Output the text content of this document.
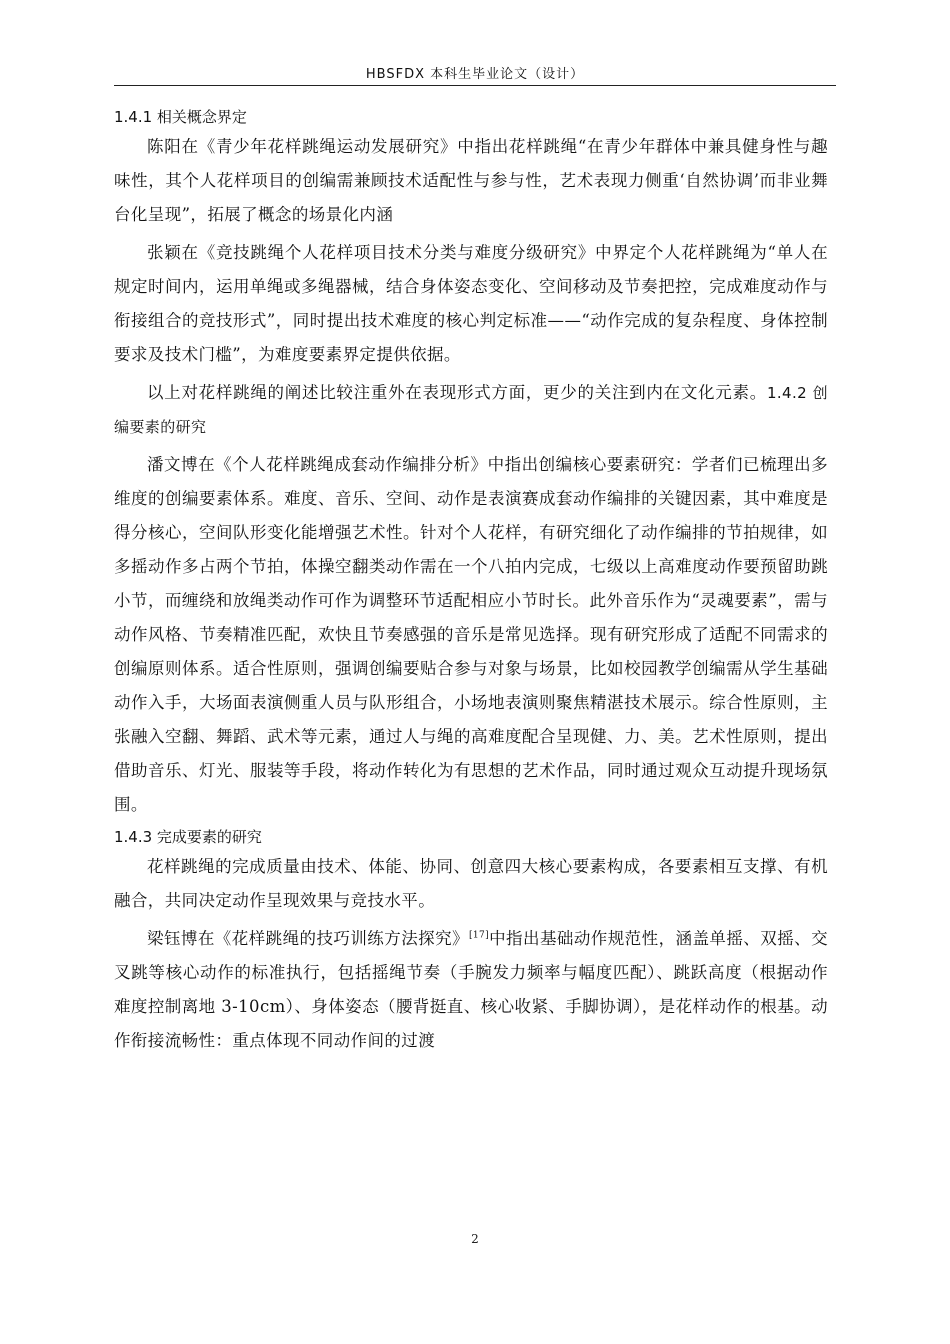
HBSFDX 本科生毕业论文（设计）
1.4.1 相关概念界定

陈阳在《青少年花样跳绳运动发展研究》中指出花样跳绳“在青少年群体中兼具健身性与趣味性，其个人花样项目的创编需兼顾技术适配性与参与性，艺术表现力侧重‘自然协调’而非业舞台化呈现”，拓展了概念的场景化内涵

张颖在《竞技跳绳个人花样项目技术分类与难度分级研究》中界定个人花样跳绳为“单人在规定时间内，运用单绳或多绳器械，结合身体姿态变化、空间移动及节奏把控，完成难度动作与衔接组合的竞技形式”，同时提出技术难度的核心判定标准——“动作完成的复杂程度、身体控制要求及技术门槛”，为难度要素界定提供依据。

以上对花样跳绳的阐述比较注重外在表现形式方面，更少的关注到内在文化元素。1.4.2 创编要素的研究

潘文博在《个人花样跳绳成套动作编排分析》中指出创编核心要素研究：学者们已梳理出多维度的创编要素体系。难度、音乐、空间、动作是表演赛成套动作编排的关键因素，其中难度是得分核心，空间队形变化能增强艺术性。针对个人花样，有研究细化了动作编排的节拍规律，如多摇动作多占两个节拍，体操空翻类动作需在一个八拍内完成，七级以上高难度动作要预留助跳小节，而缠绕和放绳类动作可作为调整环节适配相应小节时长。此外音乐作为“灵魂要素”，需与动作风格、节奏精准匹配，欢快且节奏感强的音乐是常见选择。现有研究形成了适配不同需求的创编原则体系。适合性原则，强调创编要贴合参与对象与场景，比如校园教学创编需从学生基础动作入手，大场面表演侧重人员与队形组合，小场地表演则聚焦精湛技术展示。综合性原则，主张融入空翻、舞蹈、武术等元素，通过人与绳的高难度配合呈现健、力、美。艺术性原则，提出借助音乐、灯光、服装等手段，将动作转化为有思想的艺术作品，同时通过观众互动提升现场氛围。

1.4.3 完成要素的研究

花样跳绳的完成质量由技术、体能、协同、创意四大核心要素构成，各要素相互支撑、有机融合，共同决定动作呈现效果与竞技水平。

梁钰博在《花样跳绳的技巧训练方法探究》[17]中指出基础动作规范性，涵盖单摇、双摇、交叉跳等核心动作的标准执行，包括摇绳节奏（手腕发力频率与幅度匹配）、跳跃高度（根据动作难度控制离地 3-10cm）、身体姿态（腰背挺直、核心收紧、手脚协调），是花样动作的根基。动作衔接流畅性：重点体现不同动作间的过渡

2
